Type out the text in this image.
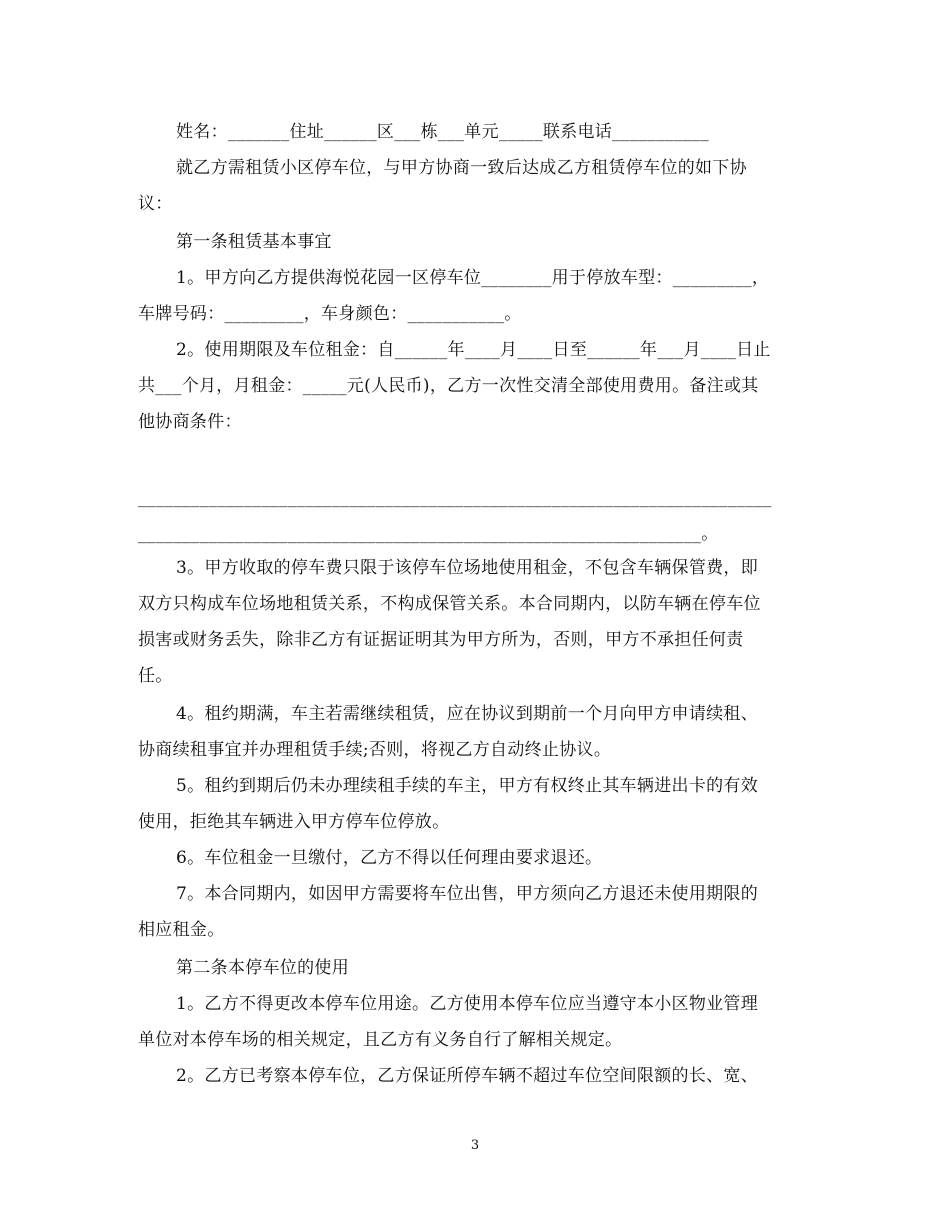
姓名：_______住址______区___栋___单元_____联系电话___________
就乙方需租赁小区停车位，与甲方协商一致后达成乙方租赁停车位的如下协
议：
第一条租赁基本事宜
1。甲方向乙方提供海悦花园一区停车位________用于停放车型：_________，
车牌号码：_________，车身颜色：___________。
2。使用期限及车位租金：自______年____月____日至______年___月____日止
共___个月，月租金：_____元(人民币)，乙方一次性交清全部使用费用。备注或其
他协商条件：
________________________________________________________________________
________________________________________________________________。
3。甲方收取的停车费只限于该停车位场地使用租金，不包含车辆保管费，即
双方只构成车位场地租赁关系，不构成保管关系。本合同期内，以防车辆在停车位
损害或财务丢失，除非乙方有证据证明其为甲方所为，否则，甲方不承担任何责
任。
4。租约期满，车主若需继续租赁，应在协议到期前一个月向甲方申请续租、
协商续租事宜并办理租赁手续;否则，将视乙方自动终止协议。
5。租约到期后仍未办理续租手续的车主，甲方有权终止其车辆进出卡的有效
使用，拒绝其车辆进入甲方停车位停放。
6。车位租金一旦缴付，乙方不得以任何理由要求退还。
7。本合同期内，如因甲方需要将车位出售，甲方须向乙方退还未使用期限的
相应租金。
第二条本停车位的使用
1。乙方不得更改本停车位用途。乙方使用本停车位应当遵守本小区物业管理
单位对本停车场的相关规定，且乙方有义务自行了解相关规定。
2。乙方已考察本停车位，乙方保证所停车辆不超过车位空间限额的长、宽、
3
